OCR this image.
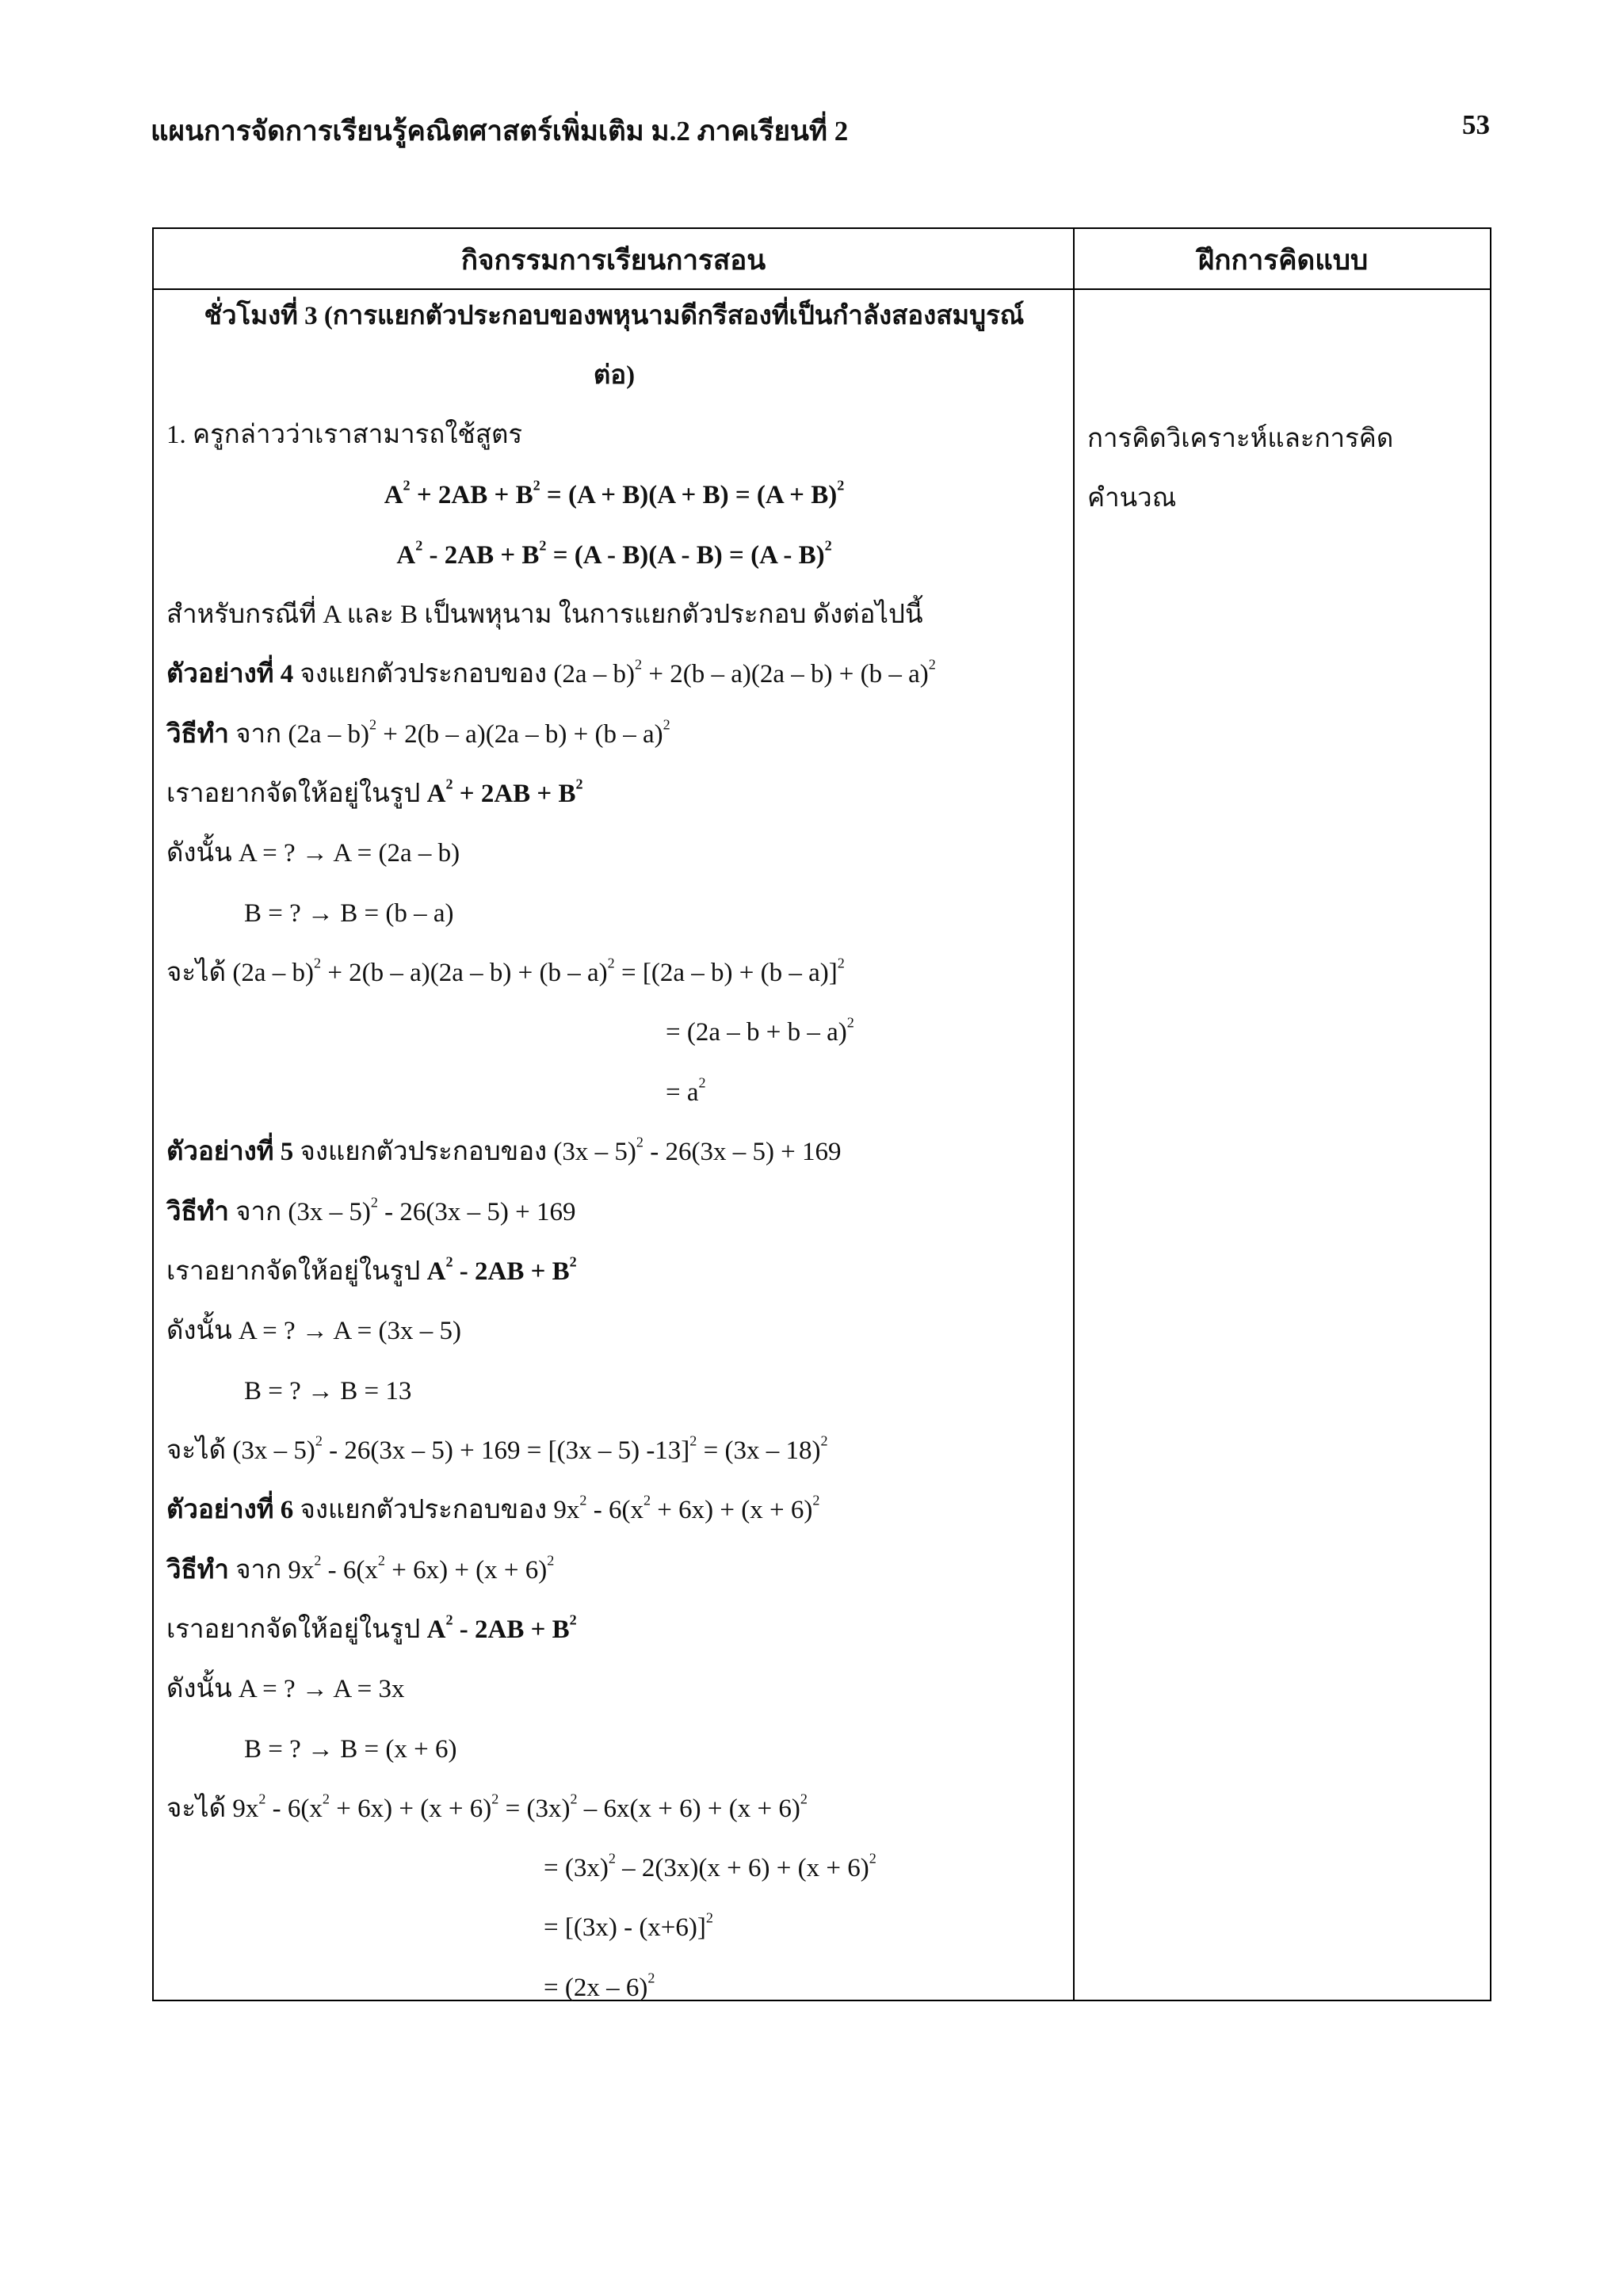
แผนการจัดการเรียนรู้คณิตศาสตร์เพิ่มเติม ม.2 ภาคเรียนที่ 2	53
กิจกรรมการเรียนการสอน	ฝึกการคิดแบบ
ชั่วโมงที่ 3 (การแยกตัวประกอบของพหุนามดีกรีสองที่เป็นกำลังสองสมบูรณ์
ต่อ)
1. ครูกล่าวว่าเราสามารถใช้สูตร
$A^2 + 2AB + B^2 = (A + B)(A + B) = (A + B)^2$
$A^2 - 2AB + B^2 = (A - B)(A - B) = (A - B)^2$
สำหรับกรณีที่ A และ B เป็นพหุนาม ในการแยกตัวประกอบ ดังต่อไปนี้
ตัวอย่างที่ 4 จงแยกตัวประกอบของ (2a – b)$^2$ + 2(b – a)(2a – b) + (b – a)$^2$
วิธีทำ จาก (2a – b)$^2$ + 2(b – a)(2a – b) + (b – a)$^2$
เราอยากจัดให้อยู่ในรูป $A^2 + 2AB + B^2$
ดังนั้น A = ? → A = (2a – b)
B = ? → B = (b – a)
จะได้ $(2a - b)^2 + 2(b - a)(2a - b) + (b - a)^2 = [(2a - b) + (b - a)]^2$
= $(2a - b + b - a)^2$
= $a^2$
ตัวอย่างที่ 5 จงแยกตัวประกอบของ (3x – 5)$^2$ - 26(3x – 5) + 169
วิธีทำ จาก (3x – 5)$^2$ - 26(3x – 5) + 169
เราอยากจัดให้อยู่ในรูป $A^2 - 2AB + B^2$
ดังนั้น A = ? → A = (3x – 5)
B = ? → B = 13
จะได้ (3x – 5)$^2$ - 26(3x – 5) + 169 = [(3x – 5) -13]$^2$ = (3x – 18)$^2$
ตัวอย่างที่ 6 จงแยกตัวประกอบของ $9x^2 - 6(x^2 + 6x) + (x + 6)^2$
วิธีทำ จาก $9x^2 - 6(x^2 + 6x) + (x + 6)^2$
เราอยากจัดให้อยู่ในรูป $A^2 - 2AB + B^2$
ดังนั้น A = ? → A = 3x
B = ? → B = (x + 6)
จะได้ $9x^2 - 6(x^2 + 6x) + (x + 6)^2 = (3x)^2 - 6x(x + 6) + (x + 6)^2$
= $(3x)^2 - 2(3x)(x + 6) + (x + 6)^2$
= $[(3x) - (x+6)]^2$
= (2x – 6)$^2$
การคิดวิเคราะห์และการคิด
คำนวณ
